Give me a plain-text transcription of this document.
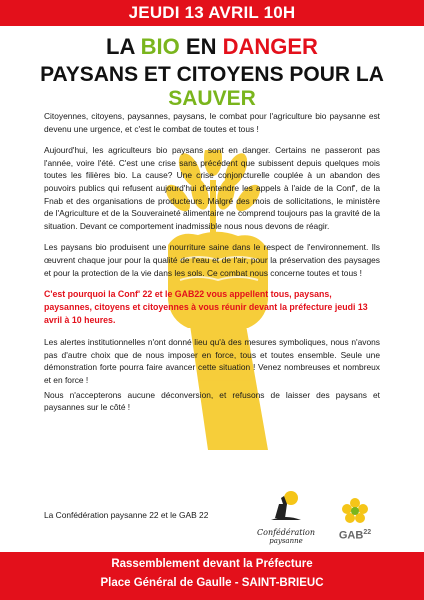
JEUDI 13 AVRIL 10H
LA BIO EN DANGER
PAYSANS ET CITOYENS POUR LA SAUVER

Citoyennes, citoyens, paysannes, paysans, le combat pour l'agriculture bio paysanne est devenu une urgence, et c'est le combat de toutes et tous !

Aujourd'hui, les agriculteurs bio paysans sont en danger. Certains ne passeront pas l'année, voire l'été. C'est une crise sans précédent que subissent depuis quelques mois toutes les filières bio. La cause? Une crise conjoncturelle couplée à un abandon des pouvoirs publics qui refusent aujourd'hui d'entendre les appels à l'aide de la Conf', de la Fnab et des organisations de producteurs. Malgré des mois de sollicitations, le ministère de l'Agriculture et de la Souveraineté alimentaire ne comprend toujours pas la gravité de la situation. Devant ce comportement inadmissible nous nous devons de réagir.

Les paysans bio produisent une nourriture saine dans le respect de l'environnement. Ils œuvrent chaque jour pour la qualité de l'eau et de l'air, pour la préservation des paysages et pour la protection de la vie dans les sols. Ce combat nous concerne toutes et tous !

C'est pourquoi la Conf' 22 et le GAB22 vous appellent tous, paysans, paysannes, citoyens et citoyennes à vous réunir devant la préfecture jeudi 13 avril à 10 heures.

Les alertes institutionnelles n'ont donné lieu qu'à des mesures symboliques, nous n'avons pas d'autre choix que de nous imposer en force, tous et toutes ensemble. Seule une démonstration forte pourra faire avancer cette situation ! Venez nombreuses et nombreux et en force !

Nous n'accepterons aucune déconversion, et refusons de laisser des paysans et paysannes sur le côté !

La Confédération paysanne 22 et le GAB 22
Confédération
paysanne	GAB$^{22}$
Rassemblement devant la Préfecture
Place Général de Gaulle - SAINT-BRIEUC
